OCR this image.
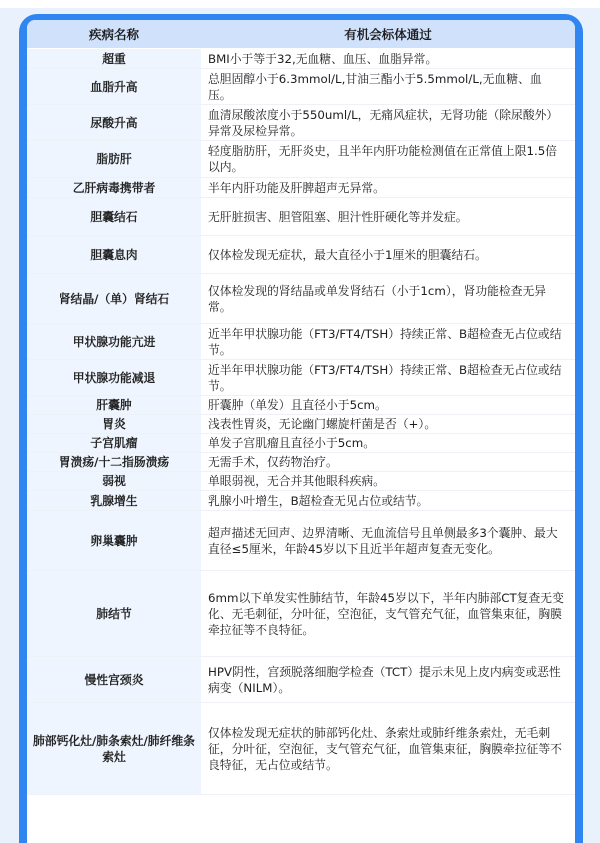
疾病名称	有机会标体通过
超重	BMI小于等于32,无血糖、血压、血脂异常。
血脂升高	总胆固醇小于6.3mmol/L,甘油三酯小于5.5mmol/L,无血糖、血压。
尿酸升高	血清尿酸浓度小于550uml/L，无痛风症状，无肾功能（除尿酸外）异常及尿检异常。
脂肪肝	轻度脂肪肝，无肝炎史，且半年内肝功能检测值在正常值上限1.5倍以内。
乙肝病毒携带者	半年内肝功能及肝脾超声无异常。
胆囊结石	无肝脏损害、胆管阻塞、胆汁性肝硬化等并发症。
胆囊息肉	仅体检发现无症状，最大直径小于1厘米的胆囊结石。
肾结晶/（单）肾结石	仅体检发现的肾结晶或单发肾结石（小于1cm），肾功能检查无异常。
甲状腺功能亢进	近半年甲状腺功能（FT3/FT4/TSH）持续正常、B超检查无占位或结节。
甲状腺功能减退	近半年甲状腺功能（FT3/FT4/TSH）持续正常、B超检查无占位或结节。
肝囊肿	肝囊肿（单发）且直径小于5cm。
胃炎	浅表性胃炎，无论幽门螺旋杆菌是否（+）。
子宫肌瘤	单发子宫肌瘤且直径小于5cm。
胃溃疡/十二指肠溃疡	无需手术，仅药物治疗。
弱视	单眼弱视，无合并其他眼科疾病。
乳腺增生	乳腺小叶增生，B超检查无见占位或结节。
卵巢囊肿	超声描述无回声、边界清晰、无血流信号且单侧最多3个囊肿、最大直径≤5厘米，年龄45岁以下且近半年超声复查无变化。
肺结节	6mm以下单发实性肺结节，年龄45岁以下，半年内肺部CT复查无变化、无毛刺征，分叶征，空泡征，支气管充气征，血管集束征，胸膜牵拉征等不良特征。
慢性宫颈炎	HPV阴性，宫颈脱落细胞学检查（TCT）提示未见上皮内病变或恶性病变（NILM）。
肺部钙化灶/肺条索灶/肺纤维条索灶	仅体检发现无症状的肺部钙化灶、条索灶或肺纤维条索灶，无毛刺征，分叶征，空泡征，支气管充气征，血管集束征，胸膜牵拉征等不良特征，无占位或结节。
